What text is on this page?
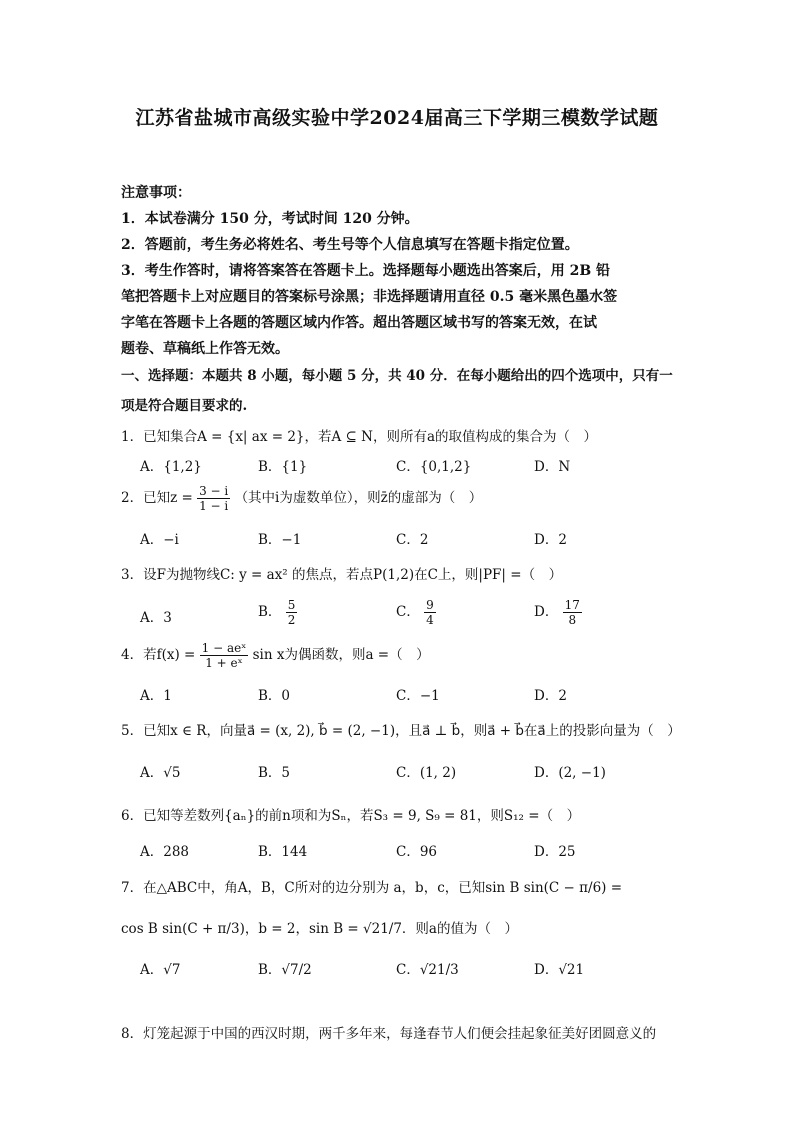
江苏省盐城市高级实验中学2024届高三下学期三模数学试题
注意事项：
1．本试卷满分 150 分，考试时间 120 分钟。
2．答题前，考生务必将姓名、考生号等个人信息填写在答题卡指定位置。
3．考生作答时，请将答案答在答题卡上。选择题每小题选出答案后，用 2B 铅
笔把答题卡上对应题目的答案标号涂黑；非选择题请用直径 0.5 毫米黑色墨水签
字笔在答题卡上各题的答题区域内作答。超出答题区域书写的答案无效，在试
题卷、草稿纸上作答无效。
一、选择题：本题共 8 小题，每小题 5 分，共 40 分．在每小题给出的四个选项中，只有一
项是符合题目要求的.
1．已知集合A = {x| ax = 2}，若A ⊆ N，则所有a的取值构成的集合为（　）
A．{1,2}	B．{1}	C．{0,1,2}	D．N
2．已知$z = \frac{3 - i}{1 - i}$ （其中i为虚数单位），则z̄的虚部为（　）
A．−i	B．−1	C．2	D．2
3．设F为抛物线C: y = ax² 的焦点，若点P(1,2)在C上，则|PF| =（　）
A．3	B． $\frac{5}{2}$	C． $\frac{9}{4}$	D． $\frac{17}{8}$
4．若$f(x) = \frac{\text{1 − aeˣ}}{\text{1 + eˣ}}$ sin x为偶函数，则a =（　）
A．1	B．0	C．−1	D．2
5．已知x ∈ R，向量a⃗ = (x, 2), b⃗ = (2, −1)，且a⃗ ⊥ b⃗，则a⃗ + b⃗在a⃗上的投影向量为（　）
A．√5	B．5	C．(1, 2)	D．(2, −1)
6．已知等差数列{aₙ}的前n项和为Sₙ，若S₃ = 9, S₉ = 81，则S₁₂ =（　）
A．288	B．144	C．96	D．25
7．在△ABC中，角A，B，C所对的边分别为 a，b，c，已知sin B sin(C − π/6) =
cos B sin(C + π/3)，b = 2，sin B = √21/7．则a的值为（　）
A．√7	B．√7/2	C．√21/3	D．√21
8．灯笼起源于中国的西汉时期，两千多年来，每逢春节人们便会挂起象征美好团圆意义的
